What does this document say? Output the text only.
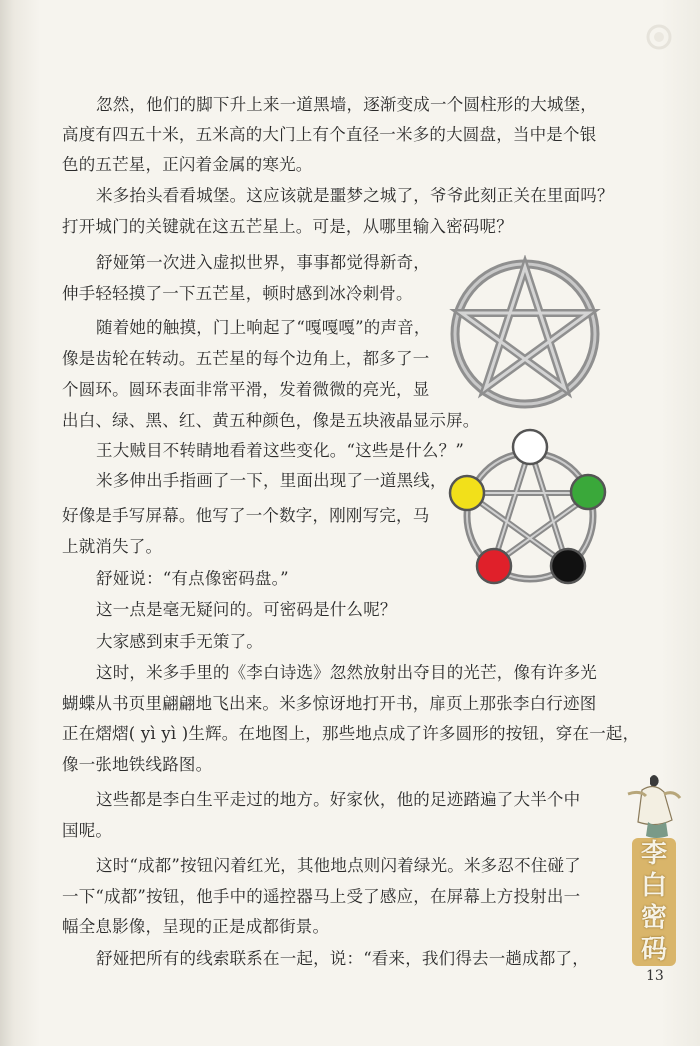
忽然，他们的脚下升上来一道黑墙，逐渐变成一个圆柱形的大城堡，
高度有四五十米，五米高的大门上有个直径一米多的大圆盘，当中是个银
色的五芒星，正闪着金属的寒光。
米多抬头看看城堡。这应该就是噩梦之城了，爷爷此刻正关在里面吗？
打开城门的关键就在这五芒星上。可是，从哪里输入密码呢？
舒娅第一次进入虚拟世界，事事都觉得新奇，
伸手轻轻摸了一下五芒星，顿时感到冰冷刺骨。
随着她的触摸，门上响起了“嘎嘎嘎”的声音，
像是齿轮在转动。五芒星的每个边角上，都多了一
个圆环。圆环表面非常平滑，发着微微的亮光，显
出白、绿、黑、红、黄五种颜色，像是五块液晶显示屏。
王大贼目不转睛地看着这些变化。“这些是什么？”
米多伸出手指画了一下，里面出现了一道黑线，
好像是手写屏幕。他写了一个数字，刚刚写完，马
上就消失了。
舒娅说：“有点像密码盘。”
这一点是毫无疑问的。可密码是什么呢？
大家感到束手无策了。
这时，米多手里的《李白诗选》忽然放射出夺目的光芒，像有许多光
蝴蝶从书页里翩翩地飞出来。米多惊讶地打开书，扉页上那张李白行迹图
正在熠熠( yì yì )生辉。在地图上，那些地点成了许多圆形的按钮，穿在一起，
像一张地铁线路图。
这些都是李白生平走过的地方。好家伙，他的足迹踏遍了大半个中
国呢。
这时“成都”按钮闪着红光，其他地点则闪着绿光。米多忍不住碰了
一下“成都”按钮，他手中的遥控器马上受了感应，在屏幕上方投射出一
幅全息影像，呈现的正是成都街景。
舒娅把所有的线索联系在一起，说：“看来，我们得去一趟成都了，
李
白
密
码
13
